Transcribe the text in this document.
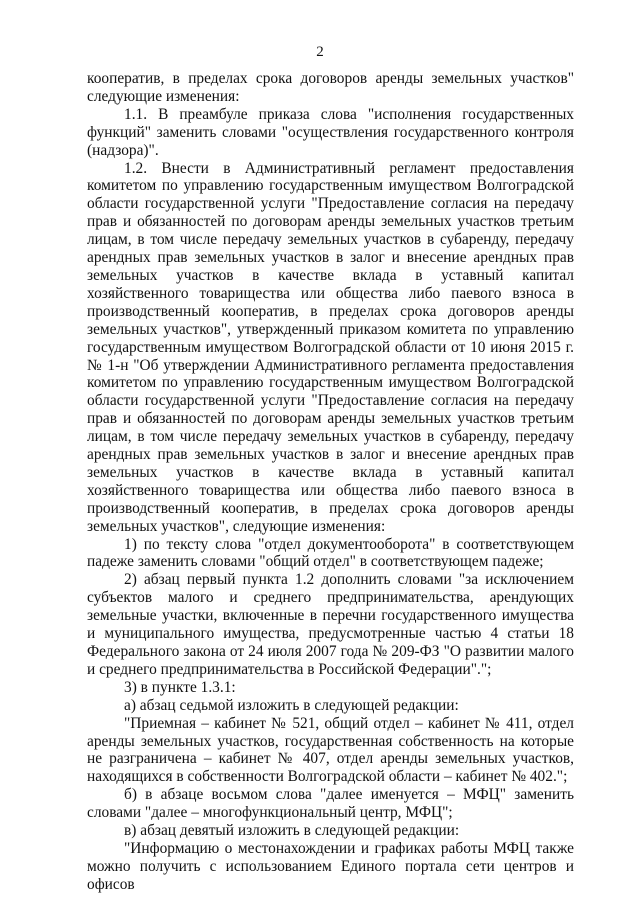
2

кооператив, в пределах срока договоров аренды земельных участков" следующие изменения:

1.1. В преамбуле приказа слова "исполнения государственных функций" заменить словами "осуществления государственного контроля (надзора)".

1.2. Внести в Административный регламент предоставления комитетом по управлению государственным имуществом Волгоградской области государственной услуги "Предоставление согласия на передачу прав и обязанностей по договорам аренды земельных участков третьим лицам, в том числе передачу земельных участков в субаренду, передачу арендных прав земельных участков в залог и внесение арендных прав земельных участков в качестве вклада в уставный капитал хозяйственного товарищества или общества либо паевого взноса в производственный кооператив, в пределах срока договоров аренды земельных участков", утвержденный приказом комитета по управлению государственным имуществом Волгоградской области от 10 июня 2015 г. № 1-н "Об утверждении Административного регламента предоставления комитетом по управлению государственным имуществом Волгоградской области государственной услуги "Предоставление согласия на передачу прав и обязанностей по договорам аренды земельных участков третьим лицам, в том числе передачу земельных участков в субаренду, передачу арендных прав земельных участков в залог и внесение арендных прав земельных участков в качестве вклада в уставный капитал хозяйственного товарищества или общества либо паевого взноса в производственный кооператив, в пределах срока договоров аренды земельных участков", следующие изменения:

1) по тексту слова "отдел документооборота" в соответствующем падеже заменить словами "общий отдел" в соответствующем падеже;

2) абзац первый пункта 1.2 дополнить словами "за исключением субъектов малого и среднего предпринимательства, арендующих земельные участки, включенные в перечни государственного имущества и муниципального имущества, предусмотренные частью 4 статьи 18 Федерального закона от 24 июля 2007 года № 209-ФЗ "О развитии малого и среднего предпринимательства в Российской Федерации".";

3) в пункте 1.3.1:

а) абзац седьмой изложить в следующей редакции:

"Приемная – кабинет № 521, общий отдел – кабинет № 411, отдел аренды земельных участков, государственная собственность на которые не разграничена – кабинет № 407, отдел аренды земельных участков, находящихся в собственности Волгоградской области – кабинет № 402.";

б) в абзаце восьмом слова "далее именуется – МФЦ" заменить словами "далее – многофункциональный центр, МФЦ";

в) абзац девятый изложить в следующей редакции:

"Информацию о местонахождении и графиках работы МФЦ также можно получить с использованием Единого портала сети центров и офисов
